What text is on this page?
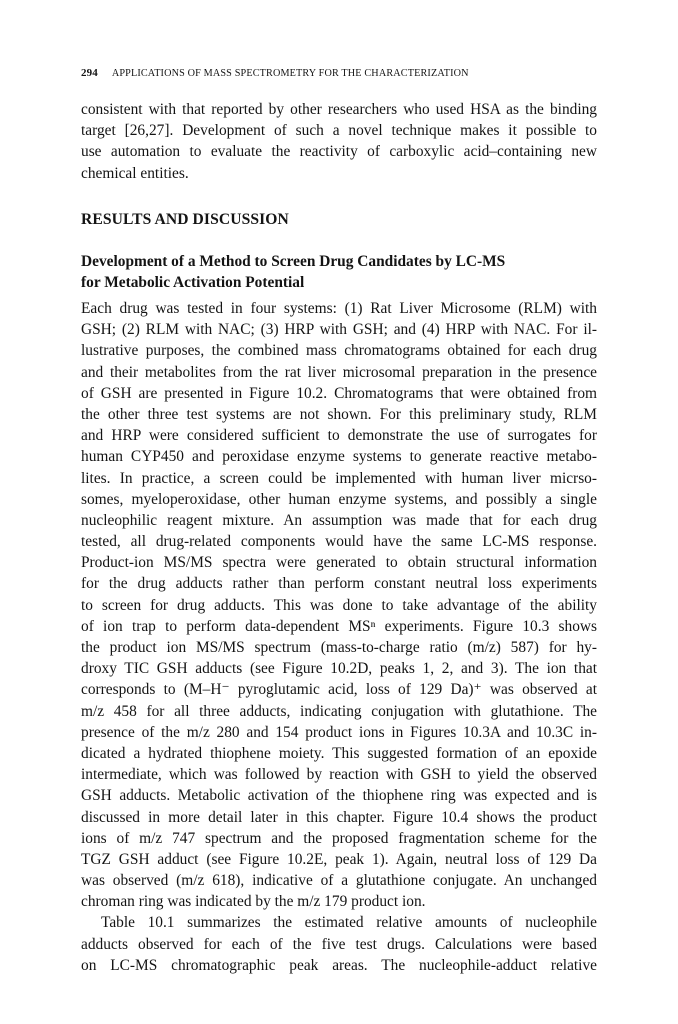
294 APPLICATIONS OF MASS SPECTROMETRY FOR THE CHARACTERIZATION
consistent with that reported by other researchers who used HSA as the binding
target [26,27]. Development of such a novel technique makes it possible to
use automation to evaluate the reactivity of carboxylic acid–containing new
chemical entities.
RESULTS AND DISCUSSION
Development of a Method to Screen Drug Candidates by LC-MS
for Metabolic Activation Potential
Each drug was tested in four systems: (1) Rat Liver Microsome (RLM) with
GSH; (2) RLM with NAC; (3) HRP with GSH; and (4) HRP with NAC. For il-
lustrative purposes, the combined mass chromatograms obtained for each drug
and their metabolites from the rat liver microsomal preparation in the presence
of GSH are presented in Figure 10.2. Chromatograms that were obtained from
the other three test systems are not shown. For this preliminary study, RLM
and HRP were considered sufficient to demonstrate the use of surrogates for
human CYP450 and peroxidase enzyme systems to generate reactive metabo-
lites. In practice, a screen could be implemented with human liver micrso-
somes, myeloperoxidase, other human enzyme systems, and possibly a single
nucleophilic reagent mixture. An assumption was made that for each drug
tested, all drug-related components would have the same LC-MS response.
Product-ion MS/MS spectra were generated to obtain structural information
for the drug adducts rather than perform constant neutral loss experiments
to screen for drug adducts. This was done to take advantage of the ability
of ion trap to perform data-dependent MSⁿ experiments. Figure 10.3 shows
the product ion MS/MS spectrum (mass-to-charge ratio (m/z) 587) for hy-
droxy TIC GSH adducts (see Figure 10.2D, peaks 1, 2, and 3). The ion that
corresponds to (M–H⁻ pyroglutamic acid, loss of 129 Da)⁺ was observed at
m/z 458 for all three adducts, indicating conjugation with glutathione. The
presence of the m/z 280 and 154 product ions in Figures 10.3A and 10.3C in-
dicated a hydrated thiophene moiety. This suggested formation of an epoxide
intermediate, which was followed by reaction with GSH to yield the observed
GSH adducts. Metabolic activation of the thiophene ring was expected and is
discussed in more detail later in this chapter. Figure 10.4 shows the product
ions of m/z 747 spectrum and the proposed fragmentation scheme for the
TGZ GSH adduct (see Figure 10.2E, peak 1). Again, neutral loss of 129 Da
was observed (m/z 618), indicative of a glutathione conjugate. An unchanged
chroman ring was indicated by the m/z 179 product ion.
Table 10.1 summarizes the estimated relative amounts of nucleophile
adducts observed for each of the five test drugs. Calculations were based
on LC-MS chromatographic peak areas. The nucleophile-adduct relative
